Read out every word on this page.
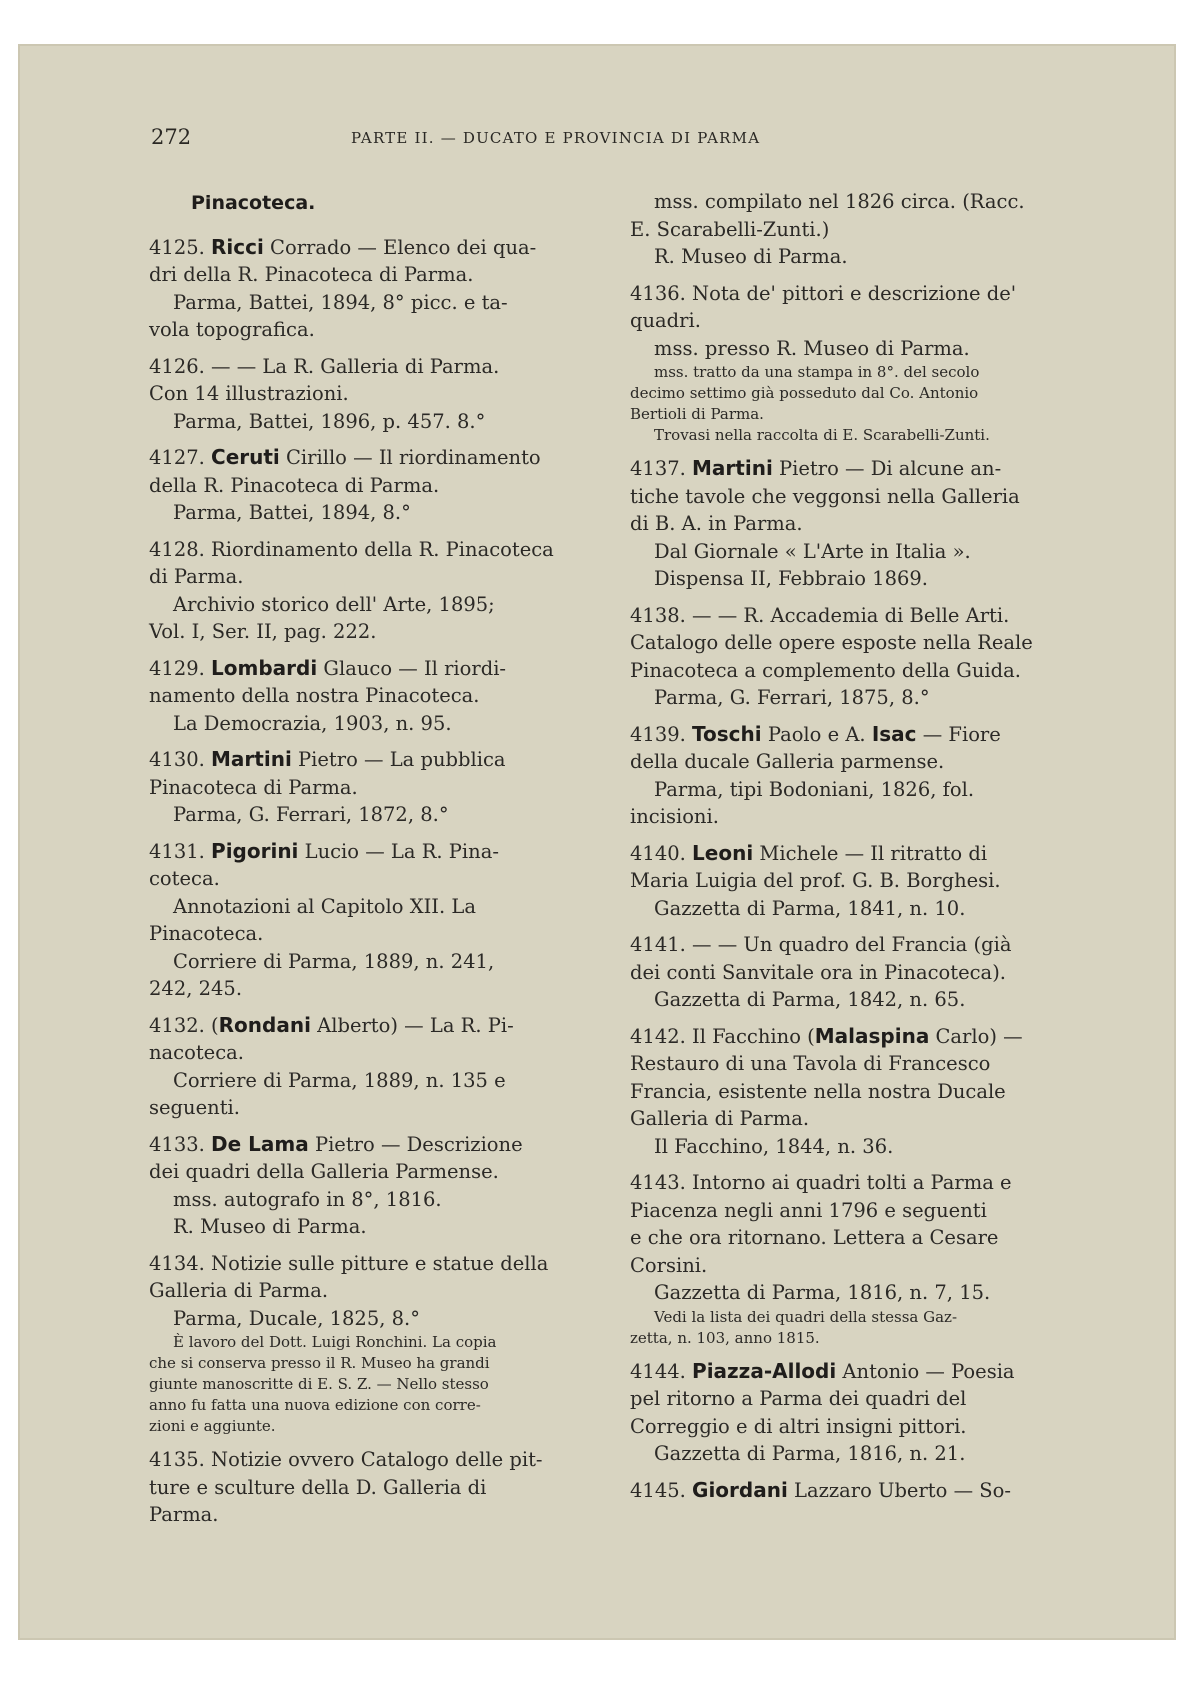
272	PARTE II. — DUCATO E PROVINCIA DI PARMA
Pinacoteca.
4125. Ricci Corrado — Elenco dei qua-
dri della R. Pinacoteca di Parma.
Parma, Battei, 1894, 8° picc. e ta-
vola topografica.
4126. — — La R. Galleria di Parma.
Con 14 illustrazioni.
Parma, Battei, 1896, p. 457. 8.°
4127. Ceruti Cirillo — Il riordinamento
della R. Pinacoteca di Parma.
Parma, Battei, 1894, 8.°
4128. Riordinamento della R. Pinacoteca
di Parma.
Archivio storico dell' Arte, 1895;
Vol. I, Ser. II, pag. 222.
4129. Lombardi Glauco — Il riordi-
namento della nostra Pinacoteca.
La Democrazia, 1903, n. 95.
4130. Martini Pietro — La pubblica
Pinacoteca di Parma.
Parma, G. Ferrari, 1872, 8.°
4131. Pigorini Lucio — La R. Pina-
coteca.
Annotazioni al Capitolo XII. La
Pinacoteca.
Corriere di Parma, 1889, n. 241,
242, 245.
4132. (Rondani Alberto) — La R. Pi-
nacoteca.
Corriere di Parma, 1889, n. 135 e
seguenti.
4133. De Lama Pietro — Descrizione
dei quadri della Galleria Parmense.
mss. autografo in 8°, 1816.
R. Museo di Parma.
4134. Notizie sulle pitture e statue della
Galleria di Parma.
Parma, Ducale, 1825, 8.°
È lavoro del Dott. Luigi Ronchini. La copia
che si conserva presso il R. Museo ha grandi
giunte manoscritte di E. S. Z. — Nello stesso
anno fu fatta una nuova edizione con corre-
zioni e aggiunte.
4135. Notizie ovvero Catalogo delle pit-
ture e sculture della D. Galleria di
Parma.
mss. compilato nel 1826 circa. (Racc.
E. Scarabelli-Zunti.)
R. Museo di Parma.
4136. Nota de' pittori e descrizione de'
quadri.
mss. presso R. Museo di Parma.
mss. tratto da una stampa in 8°. del secolo
decimo settimo già posseduto dal Co. Antonio
Bertioli di Parma.
Trovasi nella raccolta di E. Scarabelli-Zunti.
4137. Martini Pietro — Di alcune an-
tiche tavole che veggonsi nella Galleria
di B. A. in Parma.
Dal Giornale « L'Arte in Italia ».
Dispensa II, Febbraio 1869.
4138. — — R. Accademia di Belle Arti.
Catalogo delle opere esposte nella Reale
Pinacoteca a complemento della Guida.
Parma, G. Ferrari, 1875, 8.°
4139. Toschi Paolo e A. Isac — Fiore
della ducale Galleria parmense.
Parma, tipi Bodoniani, 1826, fol.
incisioni.
4140. Leoni Michele — Il ritratto di
Maria Luigia del prof. G. B. Borghesi.
Gazzetta di Parma, 1841, n. 10.
4141. — — Un quadro del Francia (già
dei conti Sanvitale ora in Pinacoteca).
Gazzetta di Parma, 1842, n. 65.
4142. Il Facchino (Malaspina Carlo) —
Restauro di una Tavola di Francesco
Francia, esistente nella nostra Ducale
Galleria di Parma.
Il Facchino, 1844, n. 36.
4143. Intorno ai quadri tolti a Parma e
Piacenza negli anni 1796 e seguenti
e che ora ritornano. Lettera a Cesare
Corsini.
Gazzetta di Parma, 1816, n. 7, 15.
Vedi la lista dei quadri della stessa Gaz-
zetta, n. 103, anno 1815.
4144. Piazza-Allodi Antonio — Poesia
pel ritorno a Parma dei quadri del
Correggio e di altri insigni pittori.
Gazzetta di Parma, 1816, n. 21.
4145. Giordani Lazzaro Uberto — So-
